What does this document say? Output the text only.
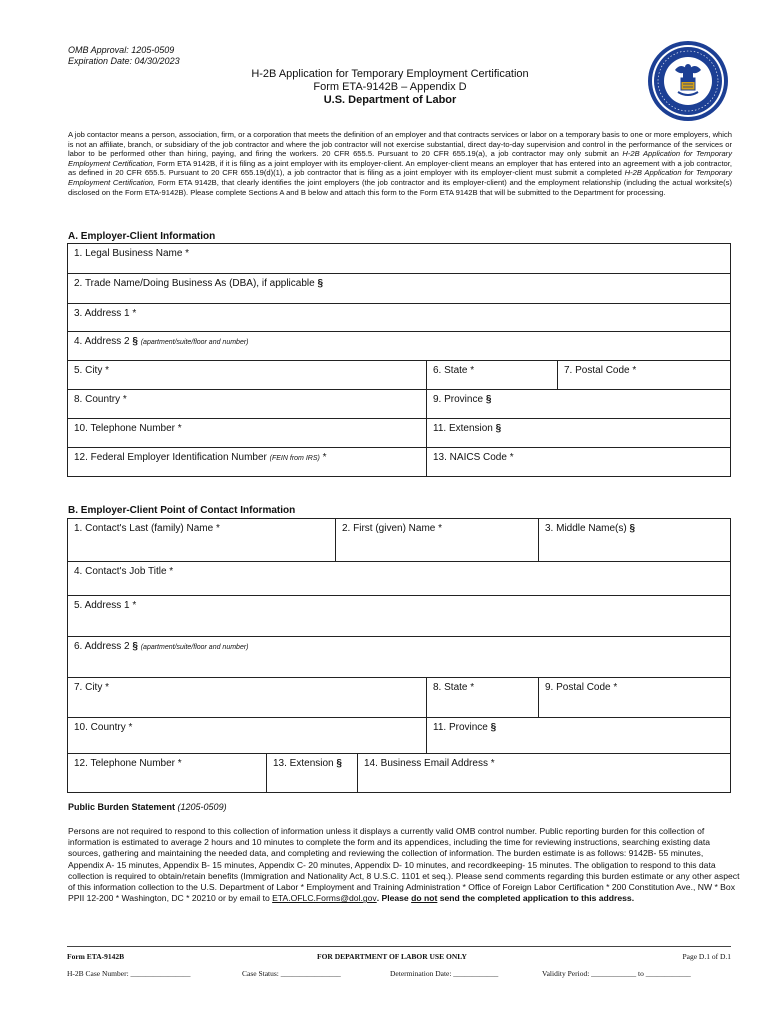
OMB Approval: 1205-0509
Expiration Date: 04/30/2023
H-2B Application for Temporary Employment Certification
Form ETA-9142B – Appendix D
U.S. Department of Labor
A job contactor means a person, association, firm, or a corporation that meets the definition of an employer and that contracts services or labor on a temporary basis to one or more employers, which is not an affiliate, branch, or subsidiary of the job contractor and where the job contractor will not exercise substantial, direct day-to-day supervision and control in the performance of the services or labor to be performed other than hiring, paying, and firing the workers. 20 CFR 655.5. Pursuant to 20 CFR 655.19(a), a job contractor may only submit an H-2B Application for Temporary Employment Certification, Form ETA 9142B, if it is filing as a joint employer with its employer-client. An employer-client means an employer that has entered into an agreement with a job contractor, as defined in 20 CFR 655.5. Pursuant to 20 CFR 655.19(d)(1), a job contractor that is filing as a joint employer with its employer-client must submit a completed H-2B Application for Temporary Employment Certification, Form ETA 9142B, that clearly identifies the joint employers (the job contractor and its employer-client) and the employment relationship (including the actual worksite(s) disclosed on the Form ETA-9142B). Please complete Sections A and B below and attach this form to the Form ETA 9142B that will be submitted to the Department for processing.
A. Employer-Client Information
1. Legal Business Name *
2. Trade Name/Doing Business As (DBA), if applicable §
3. Address 1 *
4. Address 2 § (apartment/suite/floor and number)
5. City *	6. State *	7. Postal Code *
8. Country *	9. Province §
10. Telephone Number *	11. Extension §
12. Federal Employer Identification Number (FEIN from IRS) *	13. NAICS Code *
B. Employer-Client Point of Contact Information
1. Contact's Last (family) Name *	2. First (given) Name *	3. Middle Name(s) §
4. Contact's Job Title *
5. Address 1 *
6. Address 2 § (apartment/suite/floor and number)
7. City *	8. State *	9. Postal Code *
10. Country *	11. Province §
12. Telephone Number *	13. Extension §	14. Business Email Address *
Public Burden Statement (1205-0509)
Persons are not required to respond to this collection of information unless it displays a currently valid OMB control number. Public reporting burden for this collection of information is estimated to average 2 hours and 10 minutes to complete the form and its appendices, including the time for reviewing instructions, searching existing data sources, gathering and maintaining the needed data, and completing and reviewing the collection of information. The burden estimate is as follows: 9142B- 55 minutes, Appendix A- 15 minutes, Appendix B- 15 minutes, Appendix C- 20 minutes, Appendix D- 10 minutes, and recordkeeping- 15 minutes. The obligation to respond to this data collection is required to obtain/retain benefits (Immigration and Nationality Act, 8 U.S.C. 1101 et seq.). Please send comments regarding this burden estimate or any other aspect of this information collection to the U.S. Department of Labor * Employment and Training Administration * Office of Foreign Labor Certification * 200 Constitution Ave., NW * Box PPII 12-200 * Washington, DC * 20210 or by email to ETA.OFLC.Forms@dol.gov. Please do not send the completed application to this address.
Form ETA-9142B	FOR DEPARTMENT OF LABOR USE ONLY	Page D.1 of D.1
H-2B Case Number: ________________	Case Status: ________________	Determination Date: ____________	Validity Period: ____________ to ____________
